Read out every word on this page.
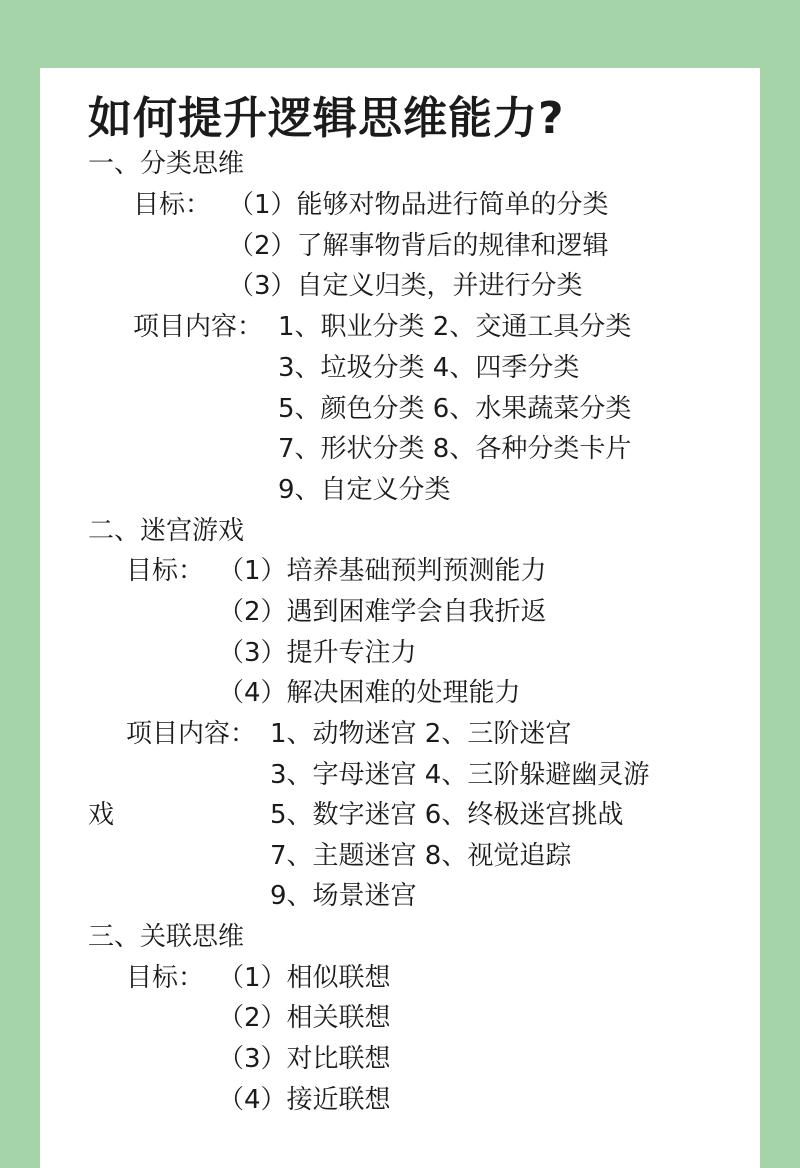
如何提升逻辑思维能力?
一、分类思维
目标： （1）能够对物品进行简单的分类
（2）了解事物背后的规律和逻辑
（3）自定义归类，并进行分类
项目内容： 1、职业分类 2、交通工具分类
3、垃圾分类 4、四季分类
5、颜色分类 6、水果蔬菜分类
7、形状分类 8、各种分类卡片
9、自定义分类
二、迷宫游戏
目标： （1）培养基础预判预测能力
（2）遇到困难学会自我折返
（3）提升专注力
（4）解决困难的处理能力
项目内容： 1、动物迷宫 2、三阶迷宫
3、字母迷宫 4、三阶躲避幽灵游
戏	5、数字迷宫 6、终极迷宫挑战
7、主题迷宫 8、视觉追踪
9、场景迷宫
三、关联思维
目标： （1）相似联想
（2）相关联想
（3）对比联想
（4）接近联想
